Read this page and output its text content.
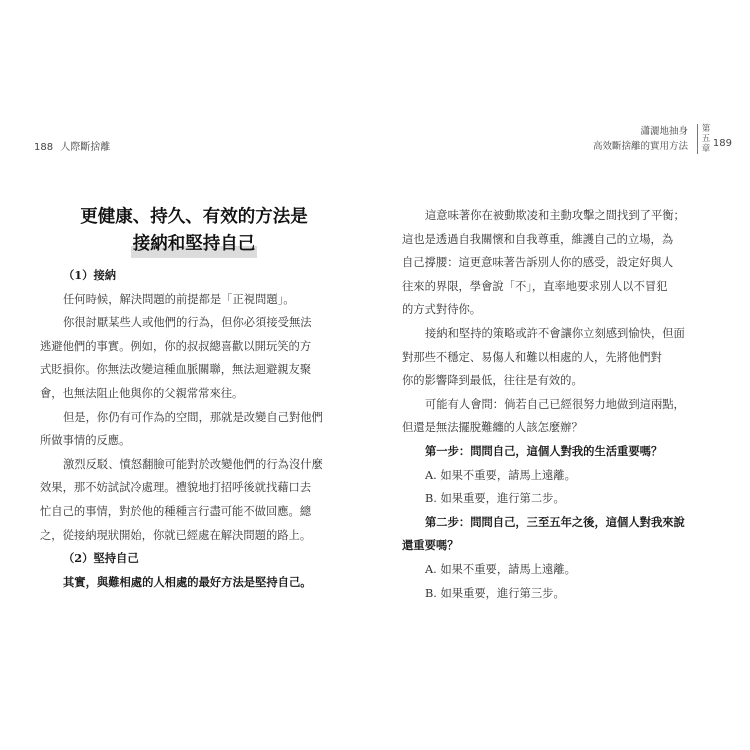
188 人際斷捨離
更健康、持久、有效的方法是
接納和堅持自己

（1）接納

任何時候，解決問題的前提都是「正視問題」。

你很討厭某些人或他們的行為，但你必須接受無法

逃避他們的事實。例如，你的叔叔總喜歡以開玩笑的方

式貶損你。你無法改變這種血脈關聯，無法迴避親友聚

會，也無法阻止他與你的父親常常來往。

但是，你仍有可作為的空間，那就是改變自己對他們

所做事情的反應。

激烈反駁、憤怒翻臉可能對於改變他們的行為沒什麼

效果，那不妨試試冷處理。禮貌地打招呼後就找藉口去

忙自己的事情，對於他的種種言行盡可能不做回應。總

之，從接納現狀開始，你就已經處在解決問題的路上。

（2）堅持自己

其實，與難相處的人相處的最好方法是堅持自己。

瀟灑地抽身
高效斷捨離的實用方法
第
五
章 189

這意味著你在被動欺凌和主動攻擊之間找到了平衡；

這也是透過自我關懷和自我尊重，維護自己的立場，為

自己撐腰：這更意味著告訴別人你的感受，設定好與人

往來的界限，學會說「不」，直率地要求別人以不冒犯

的方式對待你。

接納和堅持的策略或許不會讓你立刻感到愉快，但面

對那些不穩定、易傷人和難以相處的人，先將他們對

你的影響降到最低，往往是有效的。

可能有人會問：倘若自己已經很努力地做到這兩點，

但還是無法擺脫難纏的人該怎麼辦？

第一步：問問自己，這個人對我的生活重要嗎？

A. 如果不重要，請馬上遠離。

B. 如果重要，進行第二步。

第二步：問問自己，三至五年之後，這個人對我來說

還重要嗎？

A. 如果不重要，請馬上遠離。

B. 如果重要，進行第三步。
